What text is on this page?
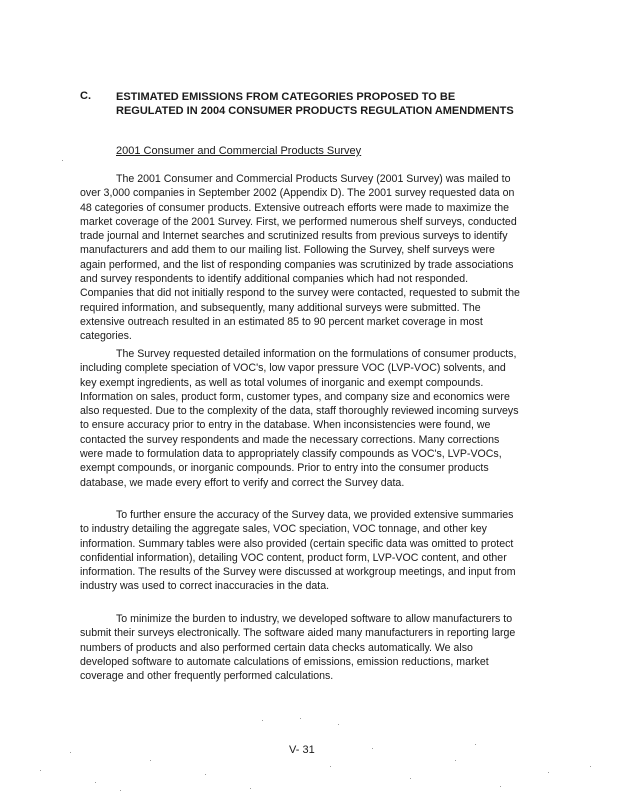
C. ESTIMATED EMISSIONS FROM CATEGORIES PROPOSED TO BE REGULATED IN 2004 CONSUMER PRODUCTS REGULATION AMENDMENTS
2001 Consumer and Commercial Products Survey

The 2001 Consumer and Commercial Products Survey (2001 Survey) was mailed to over 3,000 companies in September 2002 (Appendix D). The 2001 survey requested data on 48 categories of consumer products. Extensive outreach efforts were made to maximize the market coverage of the 2001 Survey. First, we performed numerous shelf surveys, conducted trade journal and Internet searches and scrutinized results from previous surveys to identify manufacturers and add them to our mailing list. Following the Survey, shelf surveys were again performed, and the list of responding companies was scrutinized by trade associations and survey respondents to identify additional companies which had not responded. Companies that did not initially respond to the survey were contacted, requested to submit the required information, and subsequently, many additional surveys were submitted. The extensive outreach resulted in an estimated 85 to 90 percent market coverage in most categories.

The Survey requested detailed information on the formulations of consumer products, including complete speciation of VOC's, low vapor pressure VOC (LVP-VOC) solvents, and key exempt ingredients, as well as total volumes of inorganic and exempt compounds. Information on sales, product form, customer types, and company size and economics were also requested. Due to the complexity of the data, staff thoroughly reviewed incoming surveys to ensure accuracy prior to entry in the database. When inconsistencies were found, we contacted the survey respondents and made the necessary corrections. Many corrections were made to formulation data to appropriately classify compounds as VOC's, LVP-VOCs, exempt compounds, or inorganic compounds. Prior to entry into the consumer products database, we made every effort to verify and correct the Survey data.

To further ensure the accuracy of the Survey data, we provided extensive summaries to industry detailing the aggregate sales, VOC speciation, VOC tonnage, and other key information. Summary tables were also provided (certain specific data was omitted to protect confidential information), detailing VOC content, product form, LVP-VOC content, and other information. The results of the Survey were discussed at workgroup meetings, and input from industry was used to correct inaccuracies in the data.

To minimize the burden to industry, we developed software to allow manufacturers to submit their surveys electronically. The software aided many manufacturers in reporting large numbers of products and also performed certain data checks automatically. We also developed software to automate calculations of emissions, emission reductions, market coverage and other frequently performed calculations.

V- 31
